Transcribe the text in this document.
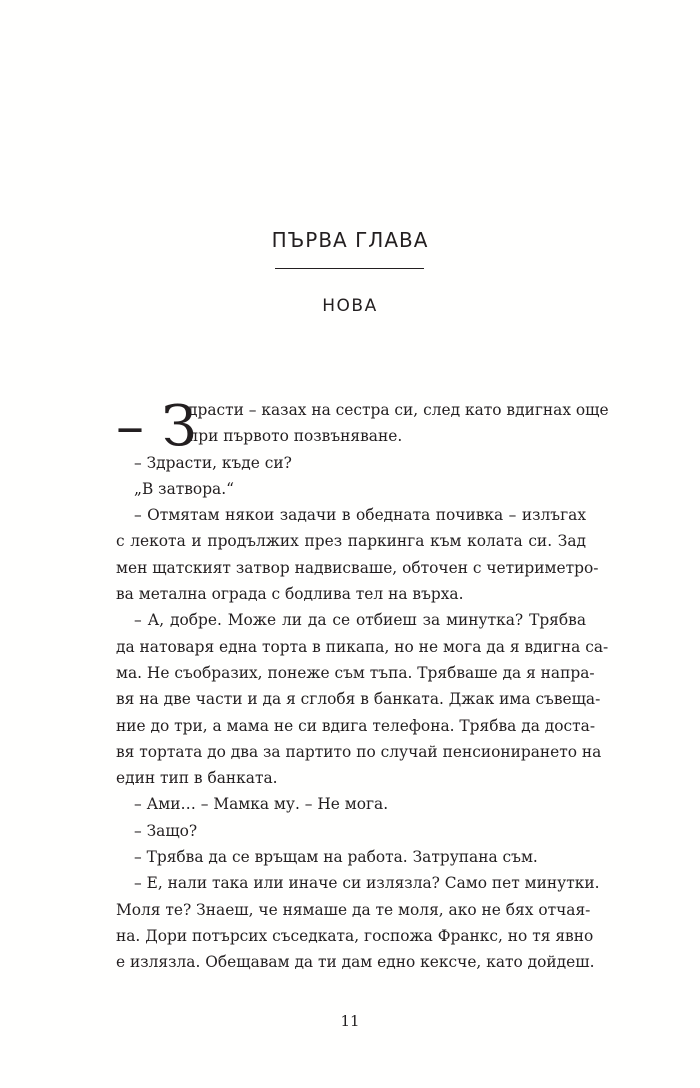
ПЪРВА ГЛАВА
НОВА
– З
драсти – казах на сестра си, след като вдигнах още
при първото позвъняване.
– Здрасти, къде си?
„В затвора.“
– Отмятам някои задачи в обедната почивка – излъгах
с лекота и продължих през паркинга към колата си. Зад
мен щатският затвор надвисваше, обточен с четириметро-
ва метална ограда с бодлива тел на върха.
– А, добре. Може ли да се отбиеш за минутка? Трябва
да натоваря една торта в пикапа, но не мога да я вдигна са-
ма. Не съобразих, понеже съм тъпа. Трябваше да я напра-
вя на две части и да я сглобя в банката. Джак има съвеща-
ние до три, а мама не си вдига телефона. Трябва да доста-
вя тортата до два за партито по случай пенсионирането на
един тип в банката.
– Ами… – Мамка му. – Не мога.
– Защо?
– Трябва да се връщам на работа. Затрупана съм.
– Е, нали така или иначе си излязла? Само пет минутки.
Моля те? Знаеш, че нямаше да те моля, ако не бях отчая-
на. Дори потърсих съседката, госпожа Франкс, но тя явно
е излязла. Обещавам да ти дам едно кексче, като дойдеш.
11
